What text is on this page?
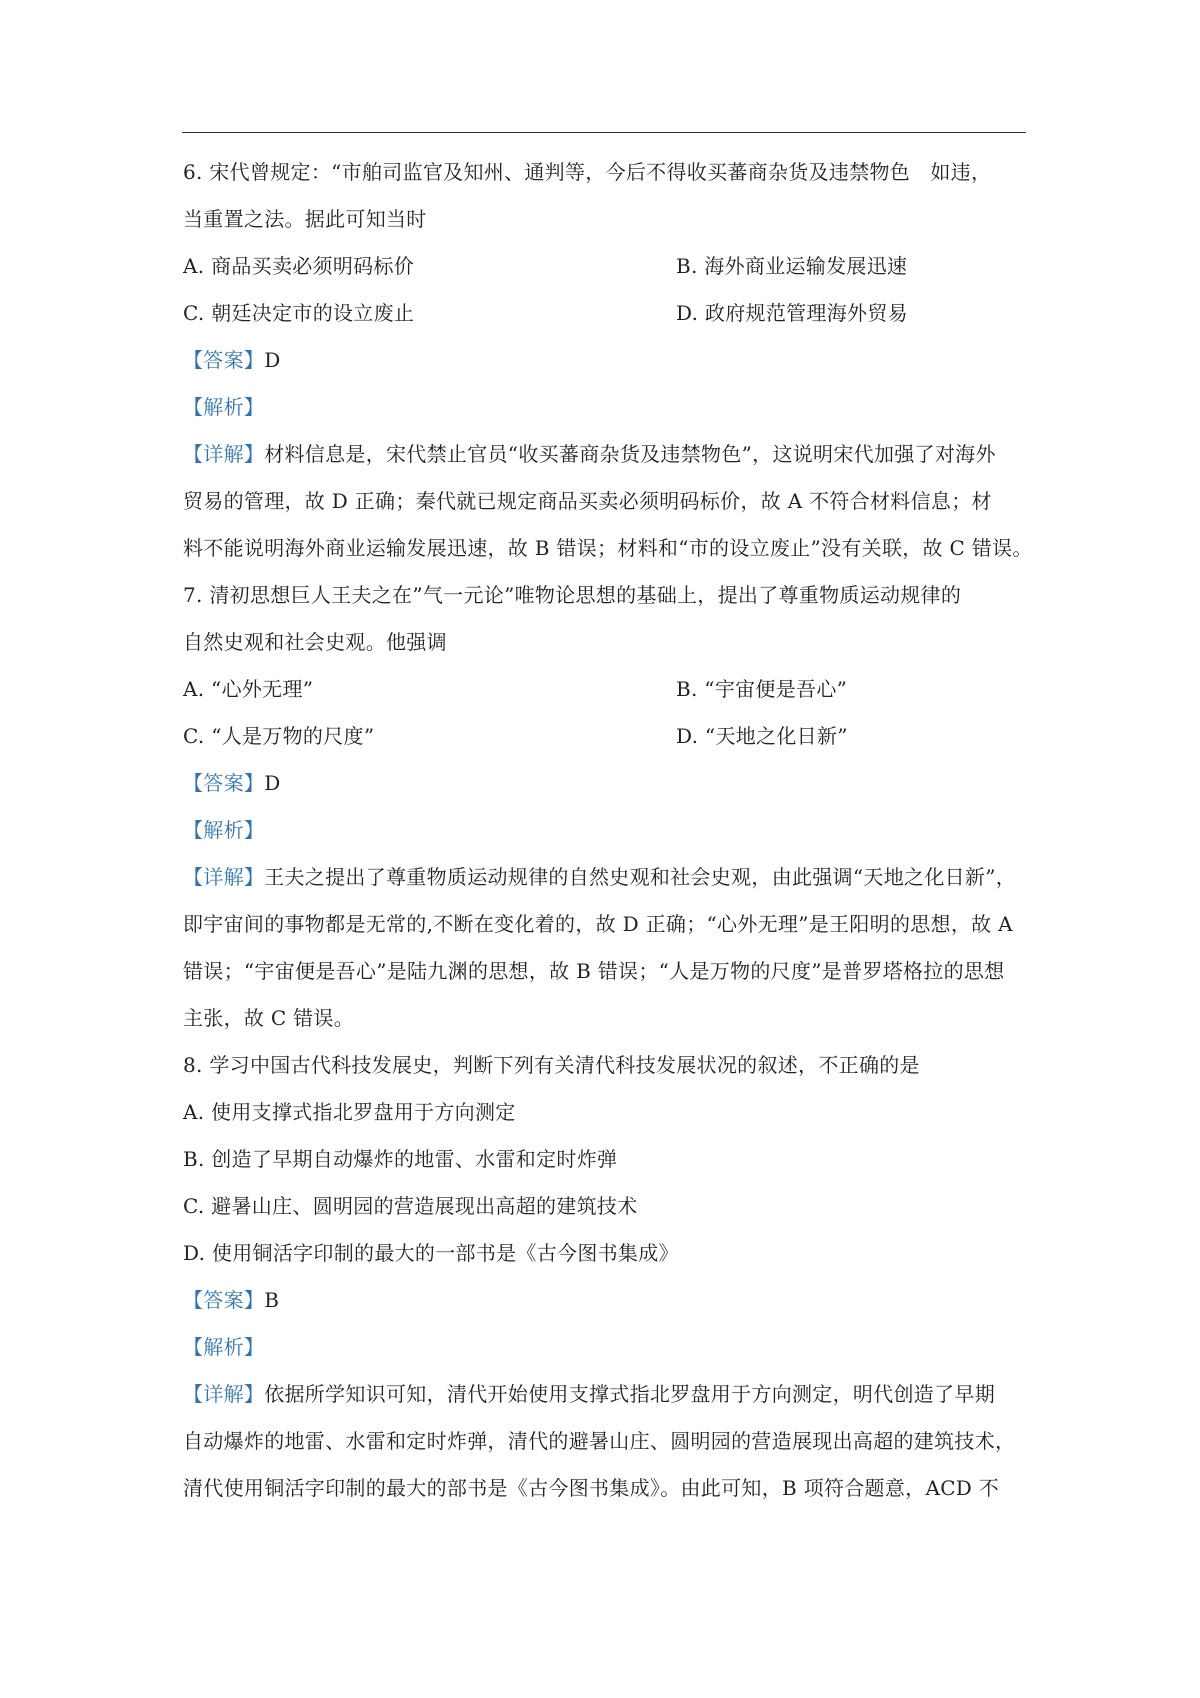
6. 宋代曾规定：“市舶司监官及知州、通判等，今后不得收买蕃商杂货及违禁物色　如违，
当重置之法。据此可知当时
A. 商品买卖必须明码标价	B. 海外商业运输发展迅速
C. 朝廷决定市的设立废止	D. 政府规范管理海外贸易
【答案】D
【解析】
【详解】材料信息是，宋代禁止官员“收买蕃商杂货及违禁物色”，这说明宋代加强了对海外
贸易的管理，故 D 正确；秦代就已规定商品买卖必须明码标价，故 A 不符合材料信息；材
料不能说明海外商业运输发展迅速，故 B 错误；材料和“市的设立废止”没有关联，故 C 错误。
7. 清初思想巨人王夫之在”气一元论”唯物论思想的基础上，提出了尊重物质运动规律的
自然史观和社会史观。他强调
A. “心外无理”	B. “宇宙便是吾心”
C. “人是万物的尺度”	D. “天地之化日新”
【答案】D
【解析】
【详解】王夫之提出了尊重物质运动规律的自然史观和社会史观，由此强调“天地之化日新”，
即宇宙间的事物都是无常的,不断在变化着的，故 D 正确；“心外无理”是王阳明的思想，故 A
错误；“宇宙便是吾心”是陆九渊的思想，故 B 错误；“人是万物的尺度”是普罗塔格拉的思想
主张，故 C 错误。
8. 学习中国古代科技发展史，判断下列有关清代科技发展状况的叙述，不正确的是
A. 使用支撑式指北罗盘用于方向测定
B. 创造了早期自动爆炸的地雷、水雷和定时炸弹
C. 避暑山庄、圆明园的营造展现出高超的建筑技术
D. 使用铜活字印制的最大的一部书是《古今图书集成》
【答案】B
【解析】
【详解】依据所学知识可知，清代开始使用支撑式指北罗盘用于方向测定，明代创造了早期
自动爆炸的地雷、水雷和定时炸弹，清代的避暑山庄、圆明园的营造展现出高超的建筑技术，
清代使用铜活字印制的最大的部书是《古今图书集成》。由此可知，B 项符合题意，ACD 不
